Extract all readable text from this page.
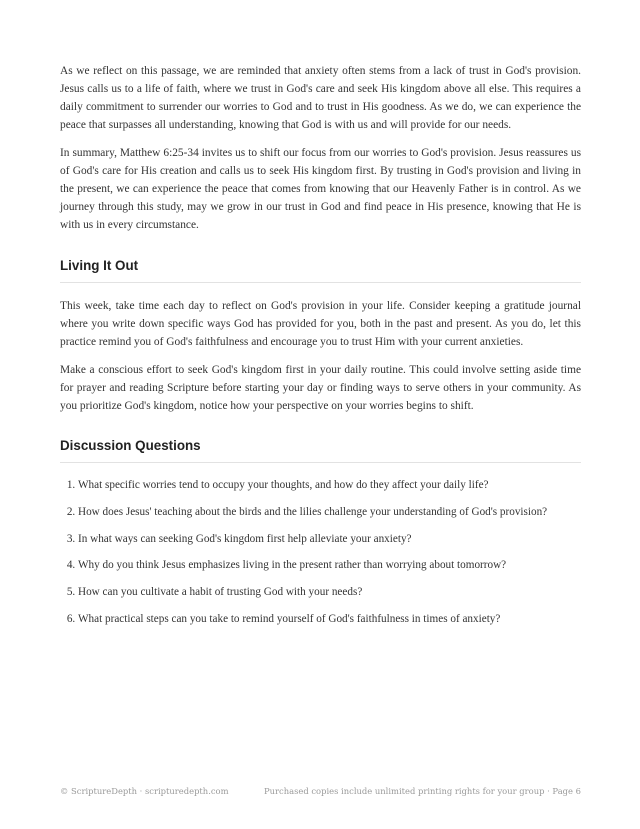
As we reflect on this passage, we are reminded that anxiety often stems from a lack of trust in God's provision. Jesus calls us to a life of faith, where we trust in God's care and seek His kingdom above all else. This requires a daily commitment to surrender our worries to God and to trust in His goodness. As we do, we can experience the peace that surpasses all understanding, knowing that God is with us and will provide for our needs.

In summary, Matthew 6:25-34 invites us to shift our focus from our worries to God's provision. Jesus reassures us of God's care for His creation and calls us to seek His kingdom first. By trusting in God's provision and living in the present, we can experience the peace that comes from knowing that our Heavenly Father is in control. As we journey through this study, may we grow in our trust in God and find peace in His presence, knowing that He is with us in every circumstance.

Living It Out

This week, take time each day to reflect on God's provision in your life. Consider keeping a gratitude journal where you write down specific ways God has provided for you, both in the past and present. As you do, let this practice remind you of God's faithfulness and encourage you to trust Him with your current anxieties.

Make a conscious effort to seek God's kingdom first in your daily routine. This could involve setting aside time for prayer and reading Scripture before starting your day or finding ways to serve others in your community. As you prioritize God's kingdom, notice how your perspective on your worries begins to shift.

Discussion Questions
1. What specific worries tend to occupy your thoughts, and how do they affect your daily life?
2. How does Jesus' teaching about the birds and the lilies challenge your understanding of God's provision?
3. In what ways can seeking God's kingdom first help alleviate your anxiety?
4. Why do you think Jesus emphasizes living in the present rather than worrying about tomorrow?
5. How can you cultivate a habit of trusting God with your needs?
6. What practical steps can you take to remind yourself of God's faithfulness in times of anxiety?
© ScriptureDepth · scripturedepth.com	Purchased copies include unlimited printing rights for your group · Page 6
